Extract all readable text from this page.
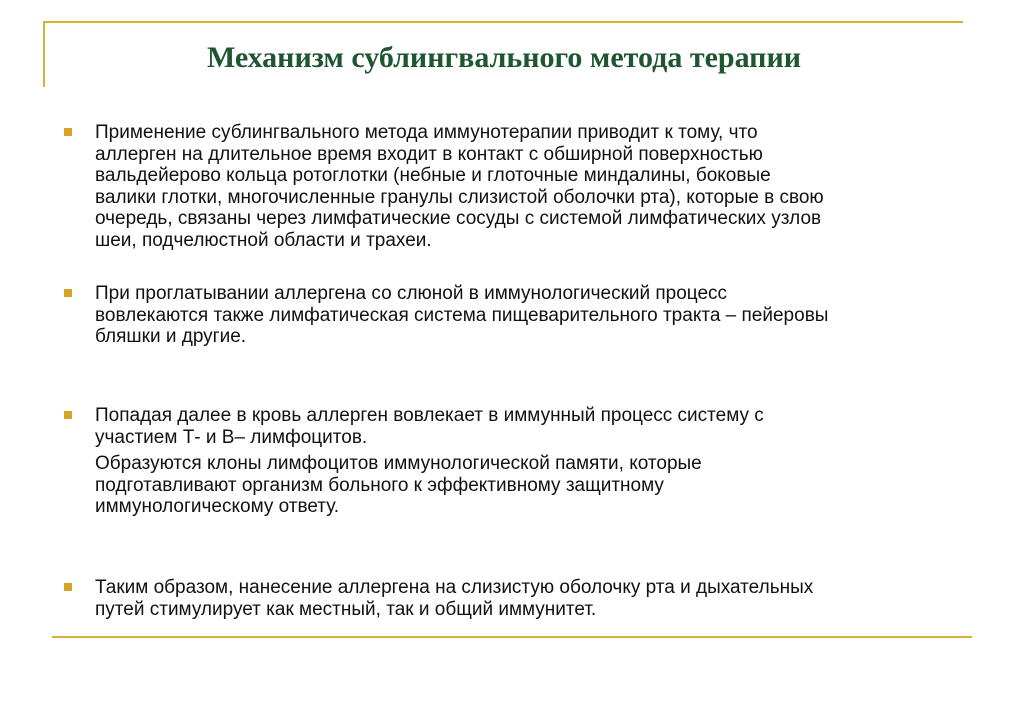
Механизм сублингвального метода терапии
Применение сублингвального метода иммунотерапии приводит к тому, что
аллерген на длительное время входит в контакт с обширной поверхностью
вальдейерово кольца ротоглотки (небные и глоточные миндалины, боковые
валики глотки, многочисленные гранулы слизистой оболочки рта), которые в свою
очередь, связаны через лимфатические сосуды с системой лимфатических узлов
шеи, подчелюстной области и трахеи.
При проглатывании аллергена со слюной в иммунологический процесс
вовлекаются также лимфатическая система пищеварительного тракта – пейеровы
бляшки и другие.
Попадая далее в кровь аллерген вовлекает в иммунный процесс систему с
участием Т- и В– лимфоцитов.
Образуются клоны лимфоцитов иммунологической памяти, которые
подготавливают организм больного к эффективному защитному
иммунологическому ответу.
Таким образом, нанесение аллергена на слизистую оболочку рта и дыхательных
путей стимулирует как местный, так и общий иммунитет.
